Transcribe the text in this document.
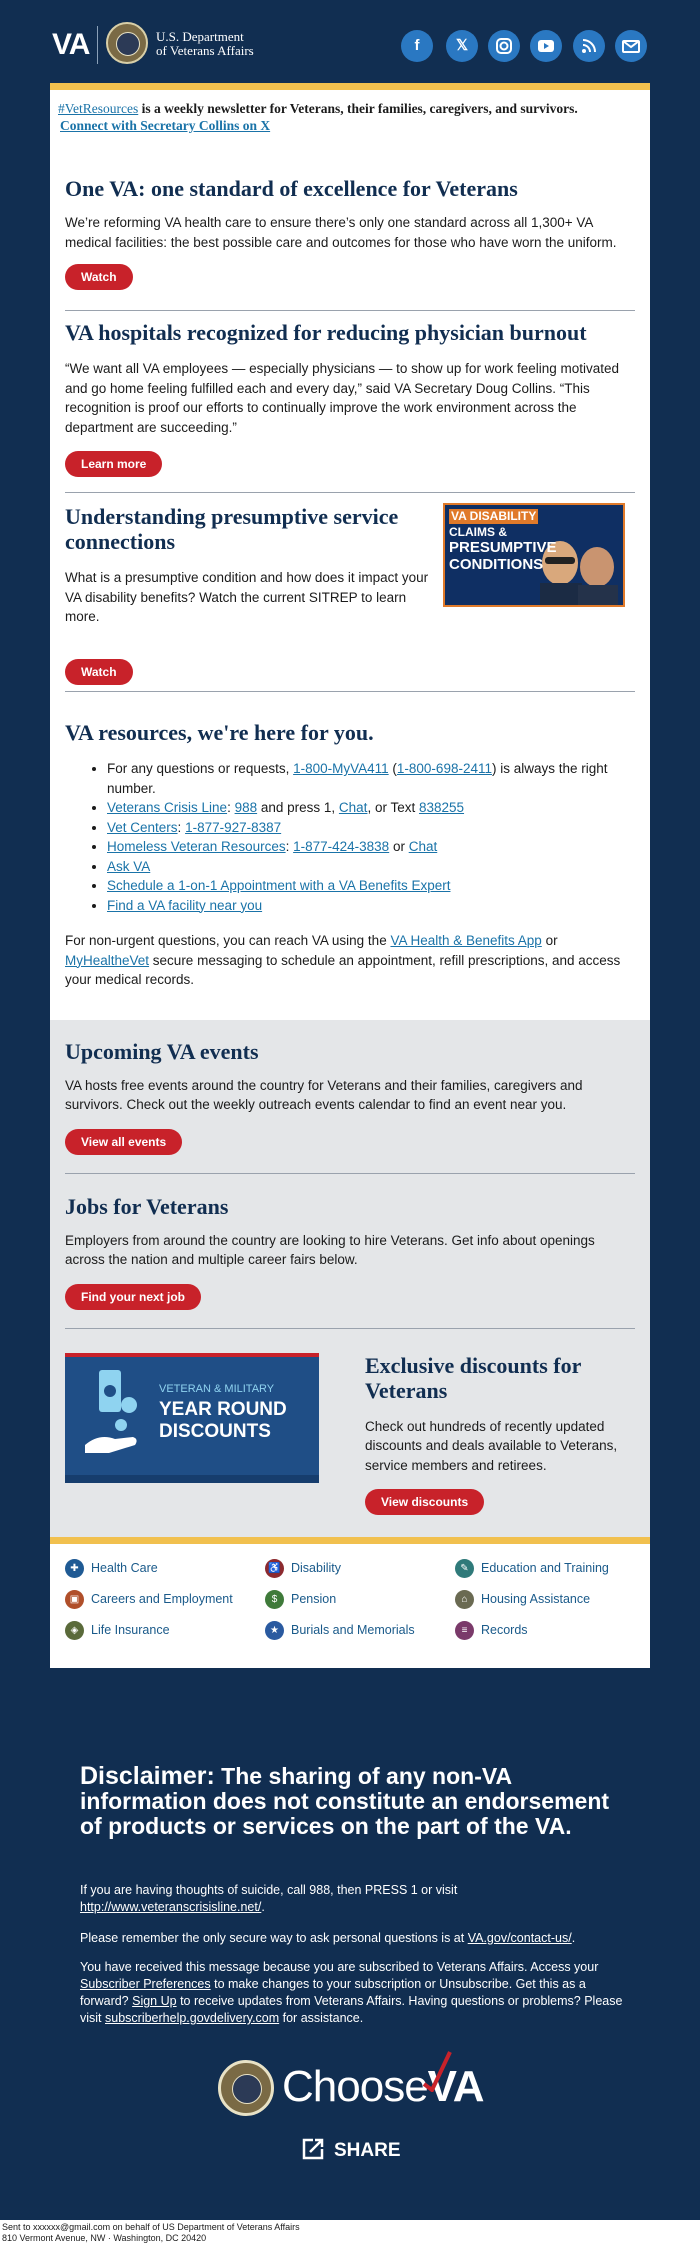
VA	U.S. Department
of Veterans Affairs	f	𝕏
#VetResources is a weekly newsletter for Veterans, their families, caregivers, and survivors.
Connect with Secretary Collins on X
One VA: one standard of excellence for Veterans

We’re reforming VA health care to ensure there’s only one standard across all 1,300+ VA medical facilities: the best possible care and outcomes for those who have worn the uniform.

Watch
VA hospitals recognized for reducing physician burnout

“We want all VA employees — especially physicians — to show up for work feeling motivated and go home feeling fulfilled each and every day,” said VA Secretary Doug Collins. “This recognition is proof our efforts to continually improve the work environment across the department are succeeding.”

Learn more
Understanding presumptive service connections

What is a presumptive condition and how does it impact your VA disability benefits? Watch the current SITREP to learn more.

Watch
VA DISABILITY
CLAIMS &
PRESUMPTIVE
CONDITIONS
VA resources, we're here for you.
• For any questions or requests, 1-800-MyVA411 (1-800-698-2411) is always the right number.
• Veterans Crisis Line: 988 and press 1, Chat, or Text 838255
• Vet Centers: 1-877-927-8387
• Homeless Veteran Resources: 1-877-424-3838 or Chat
• Ask VA
• Schedule a 1-on-1 Appointment with a VA Benefits Expert
• Find a VA facility near you

For non-urgent questions, you can reach VA using the VA Health & Benefits App or MyHealtheVet secure messaging to schedule an appointment, refill prescriptions, and access your medical records.

Upcoming VA events

VA hosts free events around the country for Veterans and their families, caregivers and survivors. Check out the weekly outreach events calendar to find an event near you.

View all events
Jobs for Veterans

Employers from around the country are looking to hire Veterans. Get info about openings across the nation and multiple career fairs below.

Find your next job
VETERAN & MILITARY
YEAR ROUND
DISCOUNTS
Exclusive discounts for Veterans

Check out hundreds of recently updated discounts and deals available to Veterans, service members and retirees.

View discounts
✚ Health Care	♿ Disability	✎ Education and Training
▣ Careers and Employment	$	Pension	⌂	Housing Assistance
◈	Life Insurance	★ Burials and Memorials	≡	Records
Disclaimer: The sharing of any non-VA information does not constitute an endorsement of products or services on the part of the VA.
If you are having thoughts of suicide, call 988, then PRESS 1 or visit
http://www.veteranscrisisline.net/.
Please remember the only secure way to ask personal questions is at VA.gov/contact-us/.
You have received this message because you are subscribed to Veterans Affairs. Access your Subscriber Preferences to make changes to your subscription or Unsubscribe. Get this as a forward? Sign Up to receive updates from Veterans Affairs. Having questions or problems? Please visit subscriberhelp.govdelivery.com for assistance.
ChooseVA
SHARE
Sent to xxxxxx@gmail.com on behalf of US Department of Veterans Affairs
810 Vermont Avenue, NW · Washington, DC 20420
